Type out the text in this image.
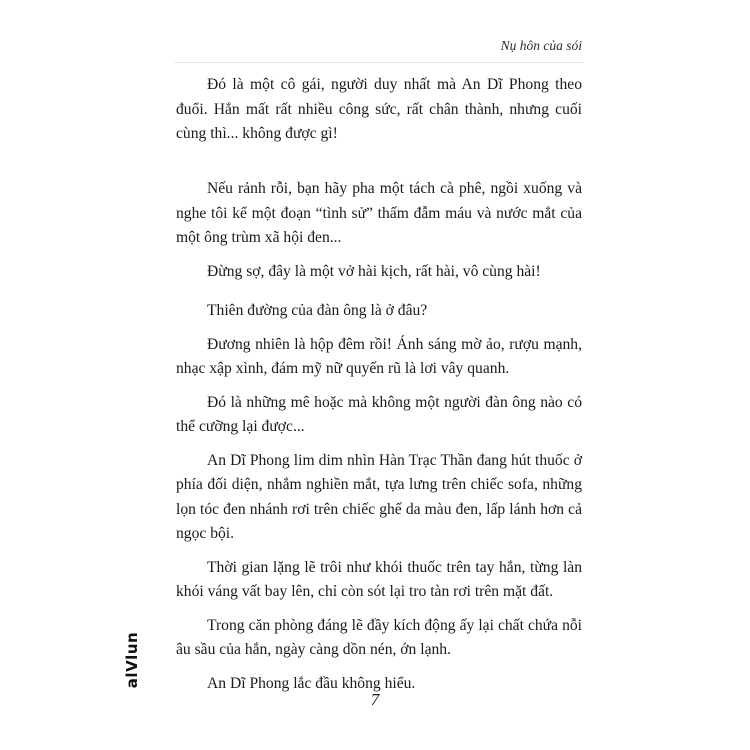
Nụ hôn của sói

Đó là một cô gái, người duy nhất mà An Dĩ Phong theo đuổi. Hắn mất rất nhiều công sức, rất chân thành, nhưng cuối cùng thì... không được gì!

Nếu rảnh rỗi, bạn hãy pha một tách cà phê, ngồi xuống và nghe tôi kể một đoạn “tình sử” thấm đẫm máu và nước mắt của một ông trùm xã hội đen...

Đừng sợ, đây là một vở hài kịch, rất hài, vô cùng hài!

Thiên đường của đàn ông là ở đâu?

Đương nhiên là hộp đêm rồi! Ánh sáng mờ ảo, rượu mạnh, nhạc xập xình, đám mỹ nữ quyến rũ là lơi vây quanh.

Đó là những mê hoặc mà không một người đàn ông nào có thể cưỡng lại được...

An Dĩ Phong lim dim nhìn Hàn Trạc Thần đang hút thuốc ở phía đối diện, nhắm nghiền mắt, tựa lưng trên chiếc sofa, những lọn tóc đen nhánh rơi trên chiếc ghế da màu đen, lấp lánh hơn cả ngọc bội.

Thời gian lặng lẽ trôi như khói thuốc trên tay hắn, từng làn khói váng vất bay lên, chỉ còn sót lại tro tàn rơi trên mặt đất.

Trong căn phòng đáng lẽ đầy kích động ấy lại chất chứa nỗi âu sầu của hắn, ngày càng dồn nén, ớn lạnh.

An Dĩ Phong lắc đầu không hiểu.

alVlun
7
